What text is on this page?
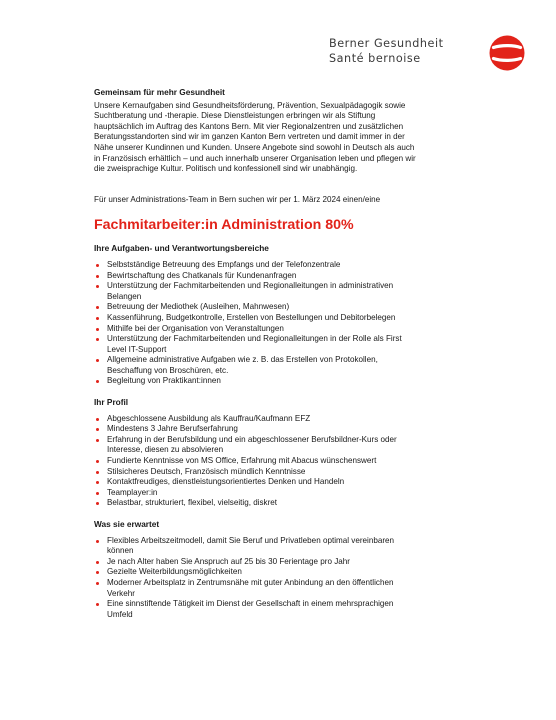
Berner Gesundheit
Santé bernoise
Gemeinsam für mehr Gesundheit
Unsere Kernaufgaben sind Gesundheitsförderung, Prävention, Sexualpädagogik sowie
Suchtberatung und -therapie. Diese Dienstleistungen erbringen wir als Stiftung
hauptsächlich im Auftrag des Kantons Bern. Mit vier Regionalzentren und zusätzlichen
Beratungsstandorten sind wir im ganzen Kanton Bern vertreten und damit immer in der
Nähe unserer Kundinnen und Kunden. Unsere Angebote sind sowohl in Deutsch als auch
in Französisch erhältlich – und auch innerhalb unserer Organisation leben und pflegen wir
die zweisprachige Kultur. Politisch und konfessionell sind wir unabhängig.
Für unser Administrations-Team in Bern suchen wir per 1. März 2024 einen/eine
Fachmitarbeiter:in Administration 80%
Ihre Aufgaben- und Verantwortungsbereiche
Selbstständige Betreuung des Empfangs und der Telefonzentrale
Bewirtschaftung des Chatkanals für Kundenanfragen
Unterstützung der Fachmitarbeitenden und Regionalleitungen in administrativen
Belangen
Betreuung der Mediothek (Ausleihen, Mahnwesen)
Kassenführung, Budgetkontrolle, Erstellen von Bestellungen und Debitorbelegen
Mithilfe bei der Organisation von Veranstaltungen
Unterstützung der Fachmitarbeitenden und Regionalleitungen in der Rolle als First
Level IT-Support
Allgemeine administrative Aufgaben wie z. B. das Erstellen von Protokollen,
Beschaffung von Broschüren, etc.
Begleitung von Praktikant:innen
Ihr Profil
Abgeschlossene Ausbildung als Kauffrau/Kaufmann EFZ
Mindestens 3 Jahre Berufserfahrung
Erfahrung in der Berufsbildung und ein abgeschlossener Berufsbildner-Kurs oder
Interesse, diesen zu absolvieren
Fundierte Kenntnisse von MS Office, Erfahrung mit Abacus wünschenswert
Stilsicheres Deutsch, Französisch mündlich Kenntnisse
Kontaktfreudiges, dienstleistungsorientiertes Denken und Handeln
Teamplayer:in
Belastbar, strukturiert, flexibel, vielseitig, diskret
Was sie erwartet
Flexibles Arbeitszeitmodell, damit Sie Beruf und Privatleben optimal vereinbaren
können
Je nach Alter haben Sie Anspruch auf 25 bis 30 Ferientage pro Jahr
Gezielte Weiterbildungsmöglichkeiten
Moderner Arbeitsplatz in Zentrumsnähe mit guter Anbindung an den öffentlichen
Verkehr
Eine sinnstiftende Tätigkeit im Dienst der Gesellschaft in einem mehrsprachigen
Umfeld
